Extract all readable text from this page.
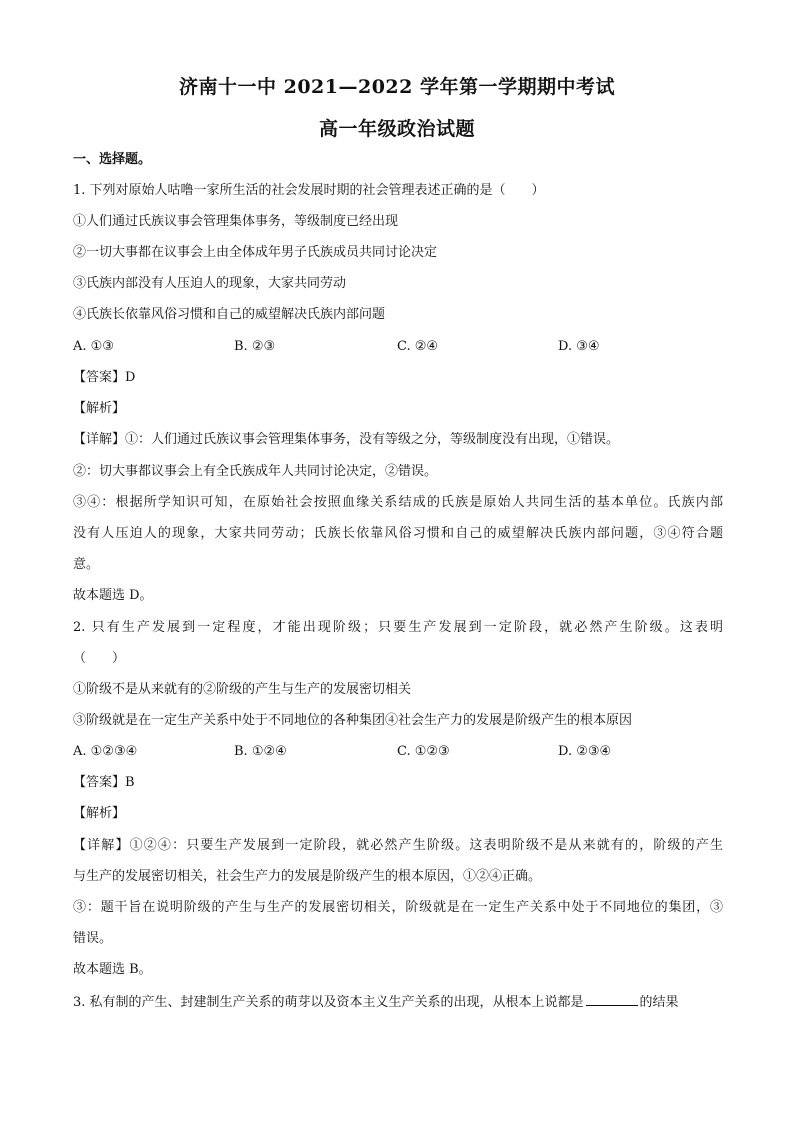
济南十一中 2021—2022 学年第一学期期中考试
高一年级政治试题
一、选择题。
1. 下列对原始人咕噜一家所生活的社会发展时期的社会管理表述正确的是（　　）
①人们通过氏族议事会管理集体事务，等级制度已经出现
②一切大事都在议事会上由全体成年男子氏族成员共同讨论决定
③氏族内部没有人压迫人的现象，大家共同劳动
④氏族长依靠风俗习惯和自己的威望解决氏族内部问题
A. ①③	B. ②③	C. ②④	D. ③④
【答案】D
【解析】
【详解】①：人们通过氏族议事会管理集体事务，没有等级之分，等级制度没有出现，①错误。
②：切大事都议事会上有全氏族成年人共同讨论决定，②错误。
③④：根据所学知识可知，在原始社会按照血缘关系结成的氏族是原始人共同生活的基本单位。氏族内部
没有人压迫人的现象，大家共同劳动；氏族长依靠风俗习惯和自己的威望解决氏族内部问题，③④符合题
意。
故本题选 D。
2. 只有生产发展到一定程度，才能出现阶级；只要生产发展到一定阶段，就必然产生阶级。这表明
（　　）
①阶级不是从来就有的②阶级的产生与生产的发展密切相关
③阶级就是在一定生产关系中处于不同地位的各种集团④社会生产力的发展是阶级产生的根本原因
A. ①②③④	B. ①②④	C. ①②③	D. ②③④
【答案】B
【解析】
【详解】①②④：只要生产发展到一定阶段，就必然产生阶级。这表明阶级不是从来就有的，阶级的产生
与生产的发展密切相关，社会生产力的发展是阶级产生的根本原因，①②④正确。
③：题干旨在说明阶级的产生与生产的发展密切相关，阶级就是在一定生产关系中处于不同地位的集团，③
错误。
故本题选 B。
3. 私有制的产生、封建制生产关系的萌芽以及资本主义生产关系的出现，从根本上说都是	的结果
